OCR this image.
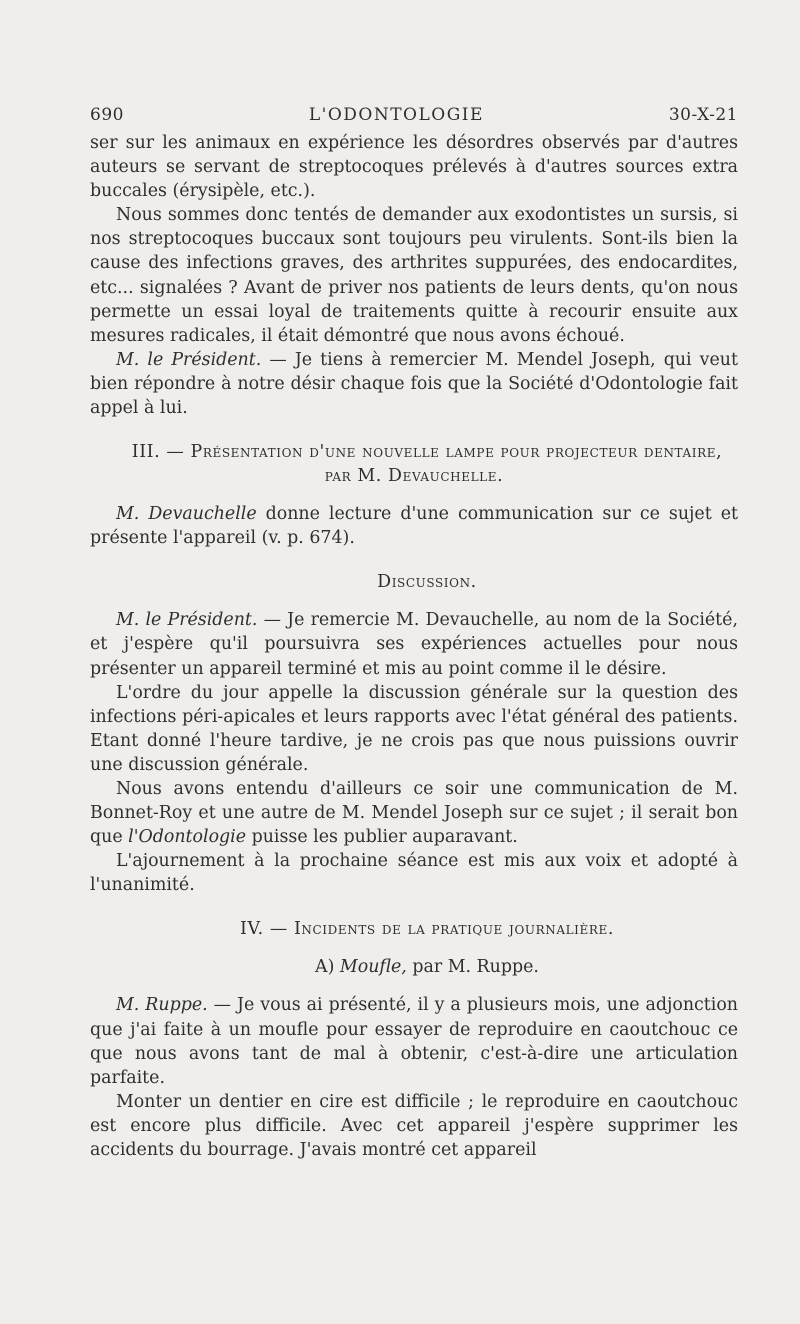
690	L'ODONTOLOGIE	30-X-21

ser sur les animaux en expérience les désordres observés par d'autres auteurs se servant de streptocoques prélevés à d'autres sources extra buccales (érysipèle, etc.).

Nous sommes donc tentés de demander aux exodontistes un sursis, si nos streptocoques buccaux sont toujours peu virulents. Sont-ils bien la cause des infections graves, des arthrites suppurées, des endocardites, etc... signalées ? Avant de priver nos patients de leurs dents, qu'on nous permette un essai loyal de traitements quitte à recourir ensuite aux mesures radicales, il était démontré que nous avons échoué.

M. le Président. — Je tiens à remercier M. Mendel Joseph, qui veut bien répondre à notre désir chaque fois que la Société d'Odontologie fait appel à lui.

III. — Présentation d'une nouvelle lampe pour projecteur dentaire, par M. Devauchelle.

M. Devauchelle donne lecture d'une communication sur ce sujet et présente l'appareil (v. p. 674).

Discussion.

M. le Président. — Je remercie M. Devauchelle, au nom de la Société, et j'espère qu'il poursuivra ses expériences actuelles pour nous présenter un appareil terminé et mis au point comme il le désire.

L'ordre du jour appelle la discussion générale sur la question des infections péri-apicales et leurs rapports avec l'état général des patients. Etant donné l'heure tardive, je ne crois pas que nous puissions ouvrir une discussion générale.

Nous avons entendu d'ailleurs ce soir une communication de M. Bonnet-Roy et une autre de M. Mendel Joseph sur ce sujet ; il serait bon que l'Odontologie puisse les publier auparavant.

L'ajournement à la prochaine séance est mis aux voix et adopté à l'unanimité.

IV. — Incidents de la pratique journalière.

A) Moufle, par M. Ruppe.

M. Ruppe. — Je vous ai présenté, il y a plusieurs mois, une adjonction que j'ai faite à un moufle pour essayer de reproduire en caoutchouc ce que nous avons tant de mal à obtenir, c'est-à-dire une articulation parfaite.

Monter un dentier en cire est difficile ; le reproduire en caoutchouc est encore plus difficile. Avec cet appareil j'espère supprimer les accidents du bourrage. J'avais montré cet appareil
